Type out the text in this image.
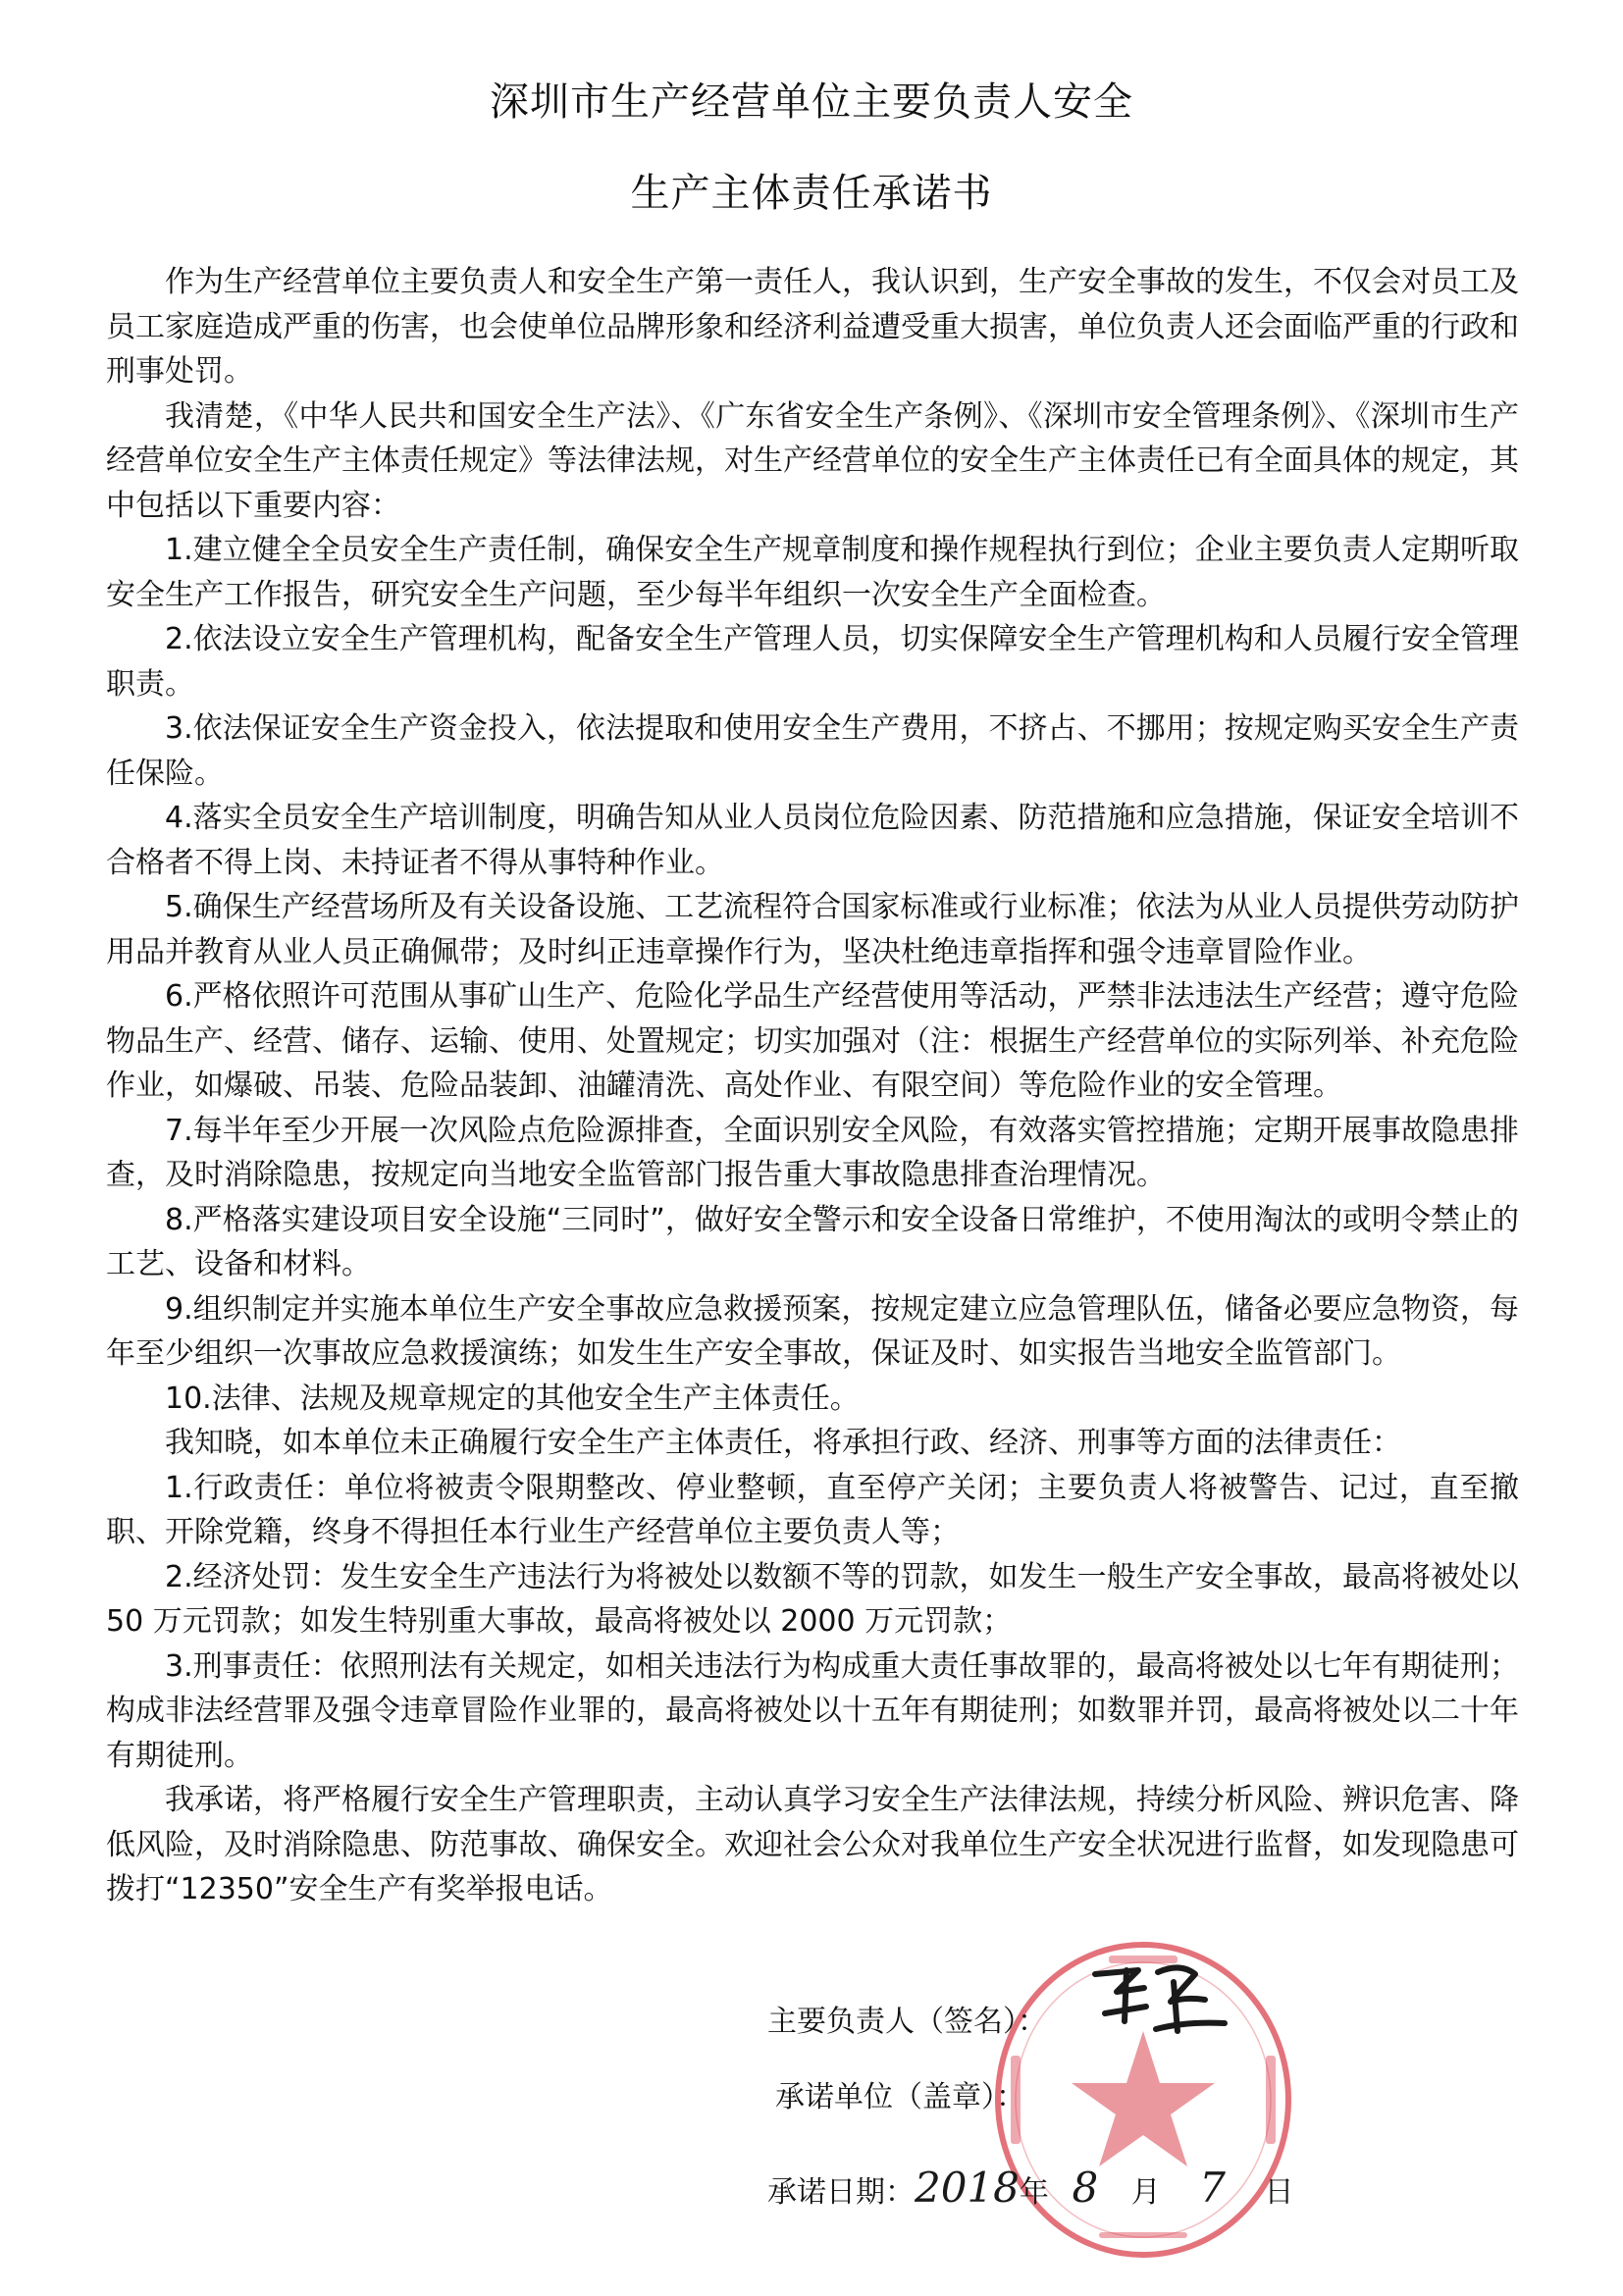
深圳市生产经营单位主要负责人安全
生产主体责任承诺书

作为生产经营单位主要负责人和安全生产第一责任人，我认识到，生产安全事故的发生，不仅会对员工及员工家庭造成严重的伤害，也会使单位品牌形象和经济利益遭受重大损害，单位负责人还会面临严重的行政和刑事处罚。

我清楚，《中华人民共和国安全生产法》、《广东省安全生产条例》、《深圳市安全管理条例》、《深圳市生产经营单位安全生产主体责任规定》等法律法规，对生产经营单位的安全生产主体责任已有全面具体的规定，其中包括以下重要内容：

1.建立健全全员安全生产责任制，确保安全生产规章制度和操作规程执行到位；企业主要负责人定期听取安全生产工作报告，研究安全生产问题，至少每半年组织一次安全生产全面检查。

2.依法设立安全生产管理机构，配备安全生产管理人员，切实保障安全生产管理机构和人员履行安全管理职责。

3.依法保证安全生产资金投入，依法提取和使用安全生产费用，不挤占、不挪用；按规定购买安全生产责任保险。

4.落实全员安全生产培训制度，明确告知从业人员岗位危险因素、防范措施和应急措施，保证安全培训不合格者不得上岗、未持证者不得从事特种作业。

5.确保生产经营场所及有关设备设施、工艺流程符合国家标准或行业标准；依法为从业人员提供劳动防护用品并教育从业人员正确佩带；及时纠正违章操作行为，坚决杜绝违章指挥和强令违章冒险作业。

6.严格依照许可范围从事矿山生产、危险化学品生产经营使用等活动，严禁非法违法生产经营；遵守危险物品生产、经营、储存、运输、使用、处置规定；切实加强对（注：根据生产经营单位的实际列举、补充危险作业，如爆破、吊装、危险品装卸、油罐清洗、高处作业、有限空间）等危险作业的安全管理。

7.每半年至少开展一次风险点危险源排查，全面识别安全风险，有效落实管控措施；定期开展事故隐患排查，及时消除隐患，按规定向当地安全监管部门报告重大事故隐患排查治理情况。

8.严格落实建设项目安全设施“三同时”，做好安全警示和安全设备日常维护，不使用淘汰的或明令禁止的工艺、设备和材料。

9.组织制定并实施本单位生产安全事故应急救援预案，按规定建立应急管理队伍，储备必要应急物资，每年至少组织一次事故应急救援演练；如发生生产安全事故，保证及时、如实报告当地安全监管部门。

10.法律、法规及规章规定的其他安全生产主体责任。

我知晓，如本单位未正确履行安全生产主体责任，将承担行政、经济、刑事等方面的法律责任：

1.行政责任：单位将被责令限期整改、停业整顿，直至停产关闭；主要负责人将被警告、记过，直至撤职、开除党籍，终身不得担任本行业生产经营单位主要负责人等；

2.经济处罚：发生安全生产违法行为将被处以数额不等的罚款，如发生一般生产安全事故，最高将被处以 50 万元罚款；如发生特别重大事故，最高将被处以 2000 万元罚款；

3.刑事责任：依照刑法有关规定，如相关违法行为构成重大责任事故罪的，最高将被处以七年有期徒刑；构成非法经营罪及强令违章冒险作业罪的，最高将被处以十五年有期徒刑；如数罪并罚，最高将被处以二十年有期徒刑。

我承诺，将严格履行安全生产管理职责，主动认真学习安全生产法律法规，持续分析风险、辨识危害、降低风险，及时消除隐患、防范事故、确保安全。欢迎社会公众对我单位生产安全状况进行监督，如发现隐患可拨打“12350”安全生产有奖举报电话。

主要负责人（签名）：
承诺单位（盖章）：
承诺日期：2018年 8 月 7 日
